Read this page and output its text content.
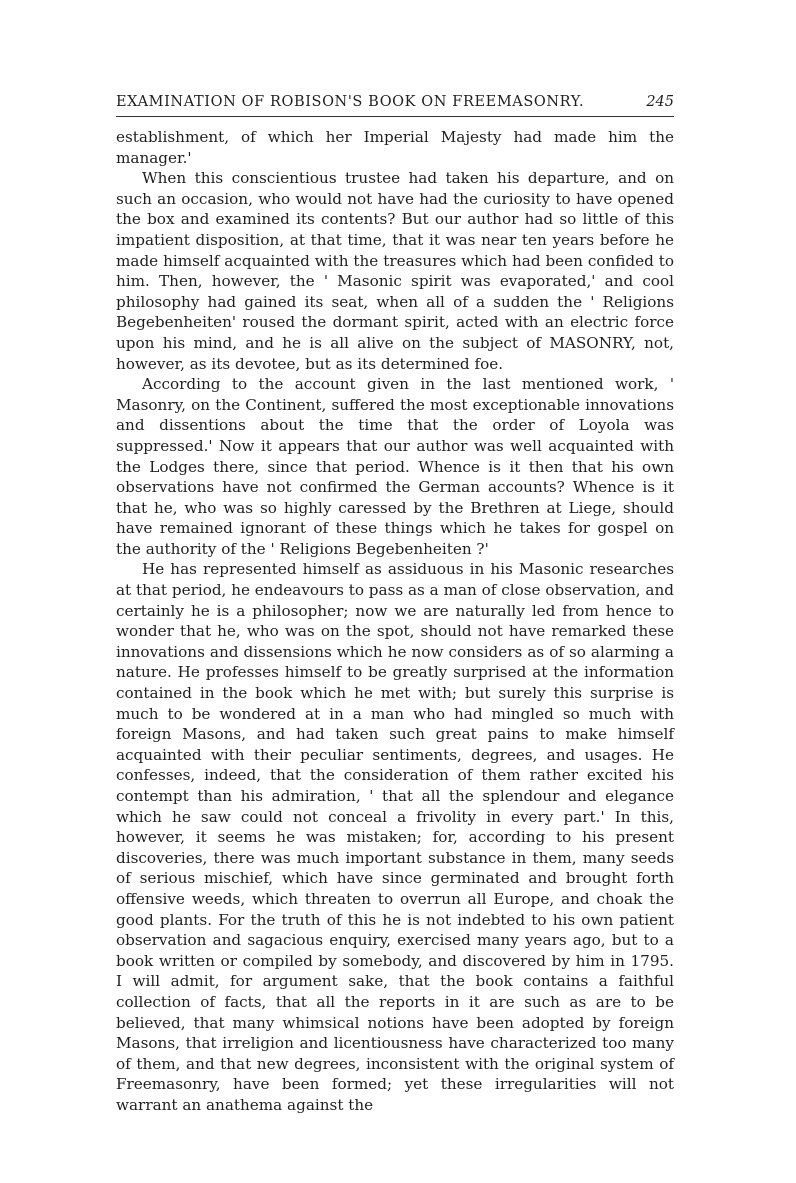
EXAMINATION OF ROBISON'S BOOK ON FREEMASONRY.	245

establishment, of which her Imperial Majesty had made him the manager.'

When this conscientious trustee had taken his departure, and on such an occasion, who would not have had the curiosity to have opened the box and examined its contents? But our author had so little of this impatient disposition, at that time, that it was near ten years before he made himself acquainted with the treasures which had been confided to him. Then, however, the ' Masonic spirit was evaporated,' and cool philosophy had gained its seat, when all of a sudden the ' Religions Begebenheiten' roused the dormant spirit, acted with an electric force upon his mind, and he is all alive on the subject of MASONRY, not, however, as its devotee, but as its determined foe.

According to the account given in the last mentioned work, ' Masonry, on the Continent, suffered the most exceptionable innovations and dissentions about the time that the order of Loyola was suppressed.' Now it appears that our author was well acquainted with the Lodges there, since that period. Whence is it then that his own observations have not confirmed the German accounts? Whence is it that he, who was so highly caressed by the Brethren at Liege, should have remained ignorant of these things which he takes for gospel on the authority of the ' Religions Begebenheiten ?'

He has represented himself as assiduous in his Masonic researches at that period, he endeavours to pass as a man of close observation, and certainly he is a philosopher; now we are naturally led from hence to wonder that he, who was on the spot, should not have remarked these innovations and dissensions which he now considers as of so alarming a nature. He professes himself to be greatly surprised at the information contained in the book which he met with; but surely this surprise is much to be wondered at in a man who had mingled so much with foreign Masons, and had taken such great pains to make himself acquainted with their peculiar sentiments, degrees, and usages. He confesses, indeed, that the consideration of them rather excited his contempt than his admiration, ' that all the splendour and elegance which he saw could not conceal a frivolity in every part.' In this, however, it seems he was mistaken; for, according to his present discoveries, there was much important substance in them, many seeds of serious mischief, which have since germinated and brought forth offensive weeds, which threaten to overrun all Europe, and choak the good plants. For the truth of this he is not indebted to his own patient observation and sagacious enquiry, exercised many years ago, but to a book written or compiled by somebody, and discovered by him in 1795. I will admit, for argument sake, that the book contains a faithful collection of facts, that all the reports in it are such as are to be believed, that many whimsical notions have been adopted by foreign Masons, that irreligion and licentiousness have characterized too many of them, and that new degrees, inconsistent with the original system of Freemasonry, have been formed; yet these irregularities will not warrant an anathema against the
